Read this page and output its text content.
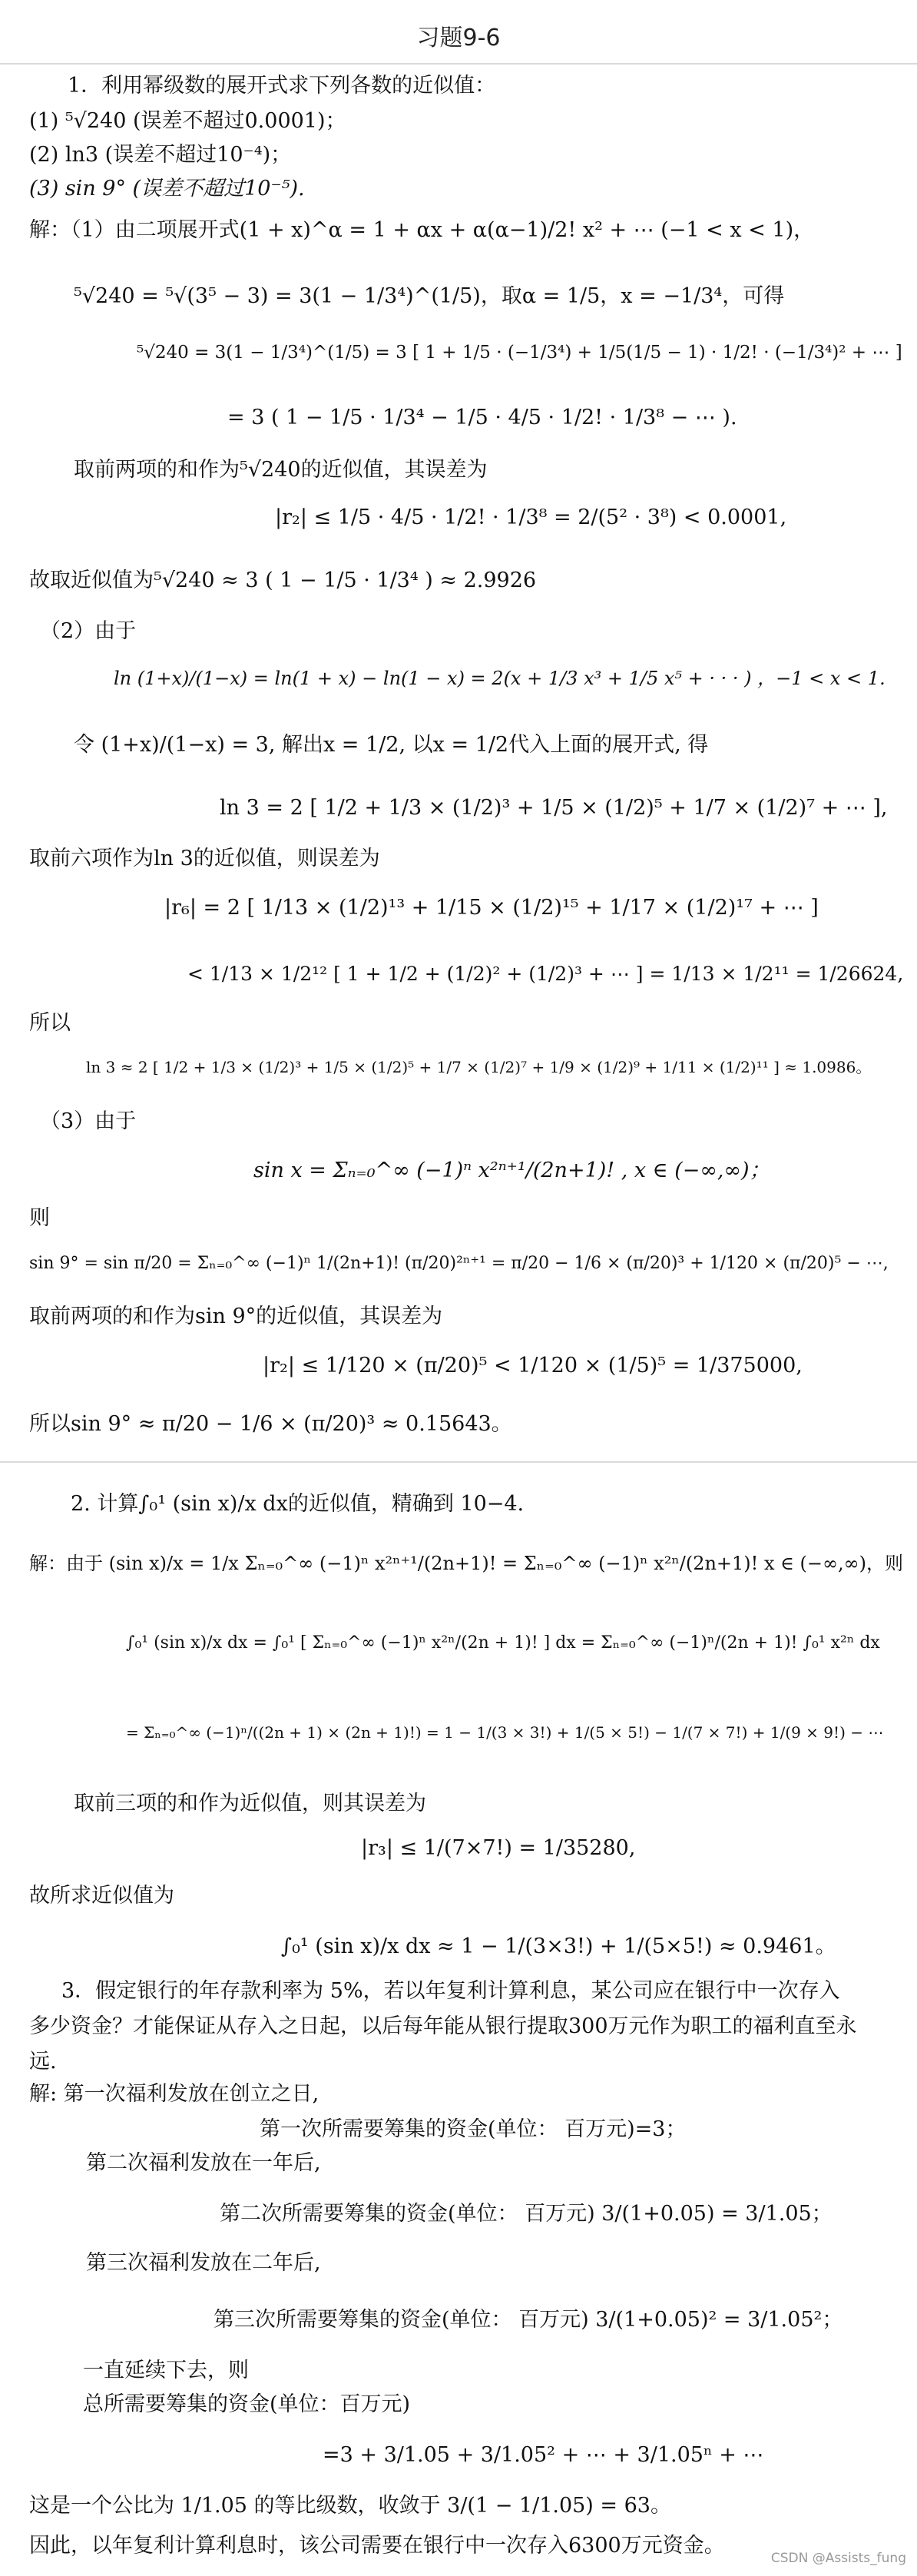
习题9-6
1．利用幂级数的展开式求下列各数的近似值：
(1) ⁵√240 (误差不超过0.0001)；
(2) ln3 (误差不超过10⁻⁴)；
(3) sin 9° (误差不超过10⁻⁵).
解：（1）由二项展开式(1 + x)^α = 1 + αx + α(α−1)/2! x² + ⋯ (−1 < x < 1)，
⁵√240 = ⁵√(3⁵ − 3) = 3(1 − 1/3⁴)^(1/5)，取α = 1/5，x = −1/3⁴，可得
⁵√240 = 3(1 − 1/3⁴)^(1/5) = 3 [ 1 + 1/5 · (−1/3⁴) + 1/5(1/5 − 1) · 1/2! · (−1/3⁴)² + ⋯ ]
= 3 ( 1 − 1/5 · 1/3⁴ − 1/5 · 4/5 · 1/2! · 1/3⁸ − ⋯ ).
取前两项的和作为⁵√240的近似值，其误差为
|r₂| ≤ 1/5 · 4/5 · 1/2! · 1/3⁸ = 2/(5² · 3⁸) < 0.0001,
故取近似值为⁵√240 ≈ 3 ( 1 − 1/5 · 1/3⁴ ) ≈ 2.9926
（2）由于
ln (1+x)/(1−x) = ln(1 + x) − ln(1 − x) = 2(x + 1/3 x³ + 1/5 x⁵ + · · · ) ，−1 < x < 1.
令 (1+x)/(1−x) = 3, 解出x = 1/2, 以x = 1/2代入上面的展开式, 得
ln 3 = 2 [ 1/2 + 1/3 × (1/2)³ + 1/5 × (1/2)⁵ + 1/7 × (1/2)⁷ + ⋯ ],
取前六项作为ln 3的近似值，则误差为
|r₆| = 2 [ 1/13 × (1/2)¹³ + 1/15 × (1/2)¹⁵ + 1/17 × (1/2)¹⁷ + ⋯ ]
< 1/13 × 1/2¹² [ 1 + 1/2 + (1/2)² + (1/2)³ + ⋯ ] = 1/13 × 1/2¹¹ = 1/26624,
所以
ln 3 ≈ 2 [ 1/2 + 1/3 × (1/2)³ + 1/5 × (1/2)⁵ + 1/7 × (1/2)⁷ + 1/9 × (1/2)⁹ + 1/11 × (1/2)¹¹ ] ≈ 1.0986。
（3）由于
sin x = Σₙ₌₀^∞ (−1)ⁿ x²ⁿ⁺¹/(2n+1)! , x ∈ (−∞,∞)；
则
sin 9° = sin π/20 = Σₙ₌₀^∞ (−1)ⁿ 1/(2n+1)! (π/20)²ⁿ⁺¹ = π/20 − 1/6 × (π/20)³ + 1/120 × (π/20)⁵ − ⋯,
取前两项的和作为sin 9°的近似值，其误差为
|r₂| ≤ 1/120 × (π/20)⁵ < 1/120 × (1/5)⁵ = 1/375000,
所以sin 9° ≈ π/20 − 1/6 × (π/20)³ ≈ 0.15643。
2. 计算∫₀¹ (sin x)/x dx的近似值，精确到 10−4.
解：由于 (sin x)/x = 1/x Σₙ₌₀^∞ (−1)ⁿ x²ⁿ⁺¹/(2n+1)! = Σₙ₌₀^∞ (−1)ⁿ x²ⁿ/(2n+1)! x ∈ (−∞,∞)，则
∫₀¹ (sin x)/x dx = ∫₀¹ [ Σₙ₌₀^∞ (−1)ⁿ x²ⁿ/(2n + 1)! ] dx = Σₙ₌₀^∞ (−1)ⁿ/(2n + 1)! ∫₀¹ x²ⁿ dx
= Σₙ₌₀^∞ (−1)ⁿ/((2n + 1) × (2n + 1)!) = 1 − 1/(3 × 3!) + 1/(5 × 5!) − 1/(7 × 7!) + 1/(9 × 9!) − ⋯
取前三项的和作为近似值，则其误差为
|r₃| ≤ 1/(7×7!) = 1/35280,
故所求近似值为
∫₀¹ (sin x)/x dx ≈ 1 − 1/(3×3!) + 1/(5×5!) ≈ 0.9461。
3．假定银行的年存款利率为 5%，若以年复利计算利息，某公司应在银行中一次存入
多少资金？才能保证从存入之日起，以后每年能从银行提取300万元作为职工的福利直至永
远.
解: 第一次福利发放在创立之日,
第一次所需要筹集的资金(单位： 百万元)=3；
第二次福利发放在一年后,
第二次所需要筹集的资金(单位： 百万元) 3/(1+0.05) = 3/1.05；
第三次福利发放在二年后,
第三次所需要筹集的资金(单位： 百万元) 3/(1+0.05)² = 3/1.05²；
一直延续下去，则
总所需要筹集的资金(单位：百万元)
=3 + 3/1.05 + 3/1.05² + ⋯ + 3/1.05ⁿ + ⋯
这是一个公比为 1/1.05 的等比级数，收敛于 3/(1 − 1/1.05) = 63。
因此，以年复利计算利息时，该公司需要在银行中一次存入6300万元资金。
CSDN @Assists_fung
